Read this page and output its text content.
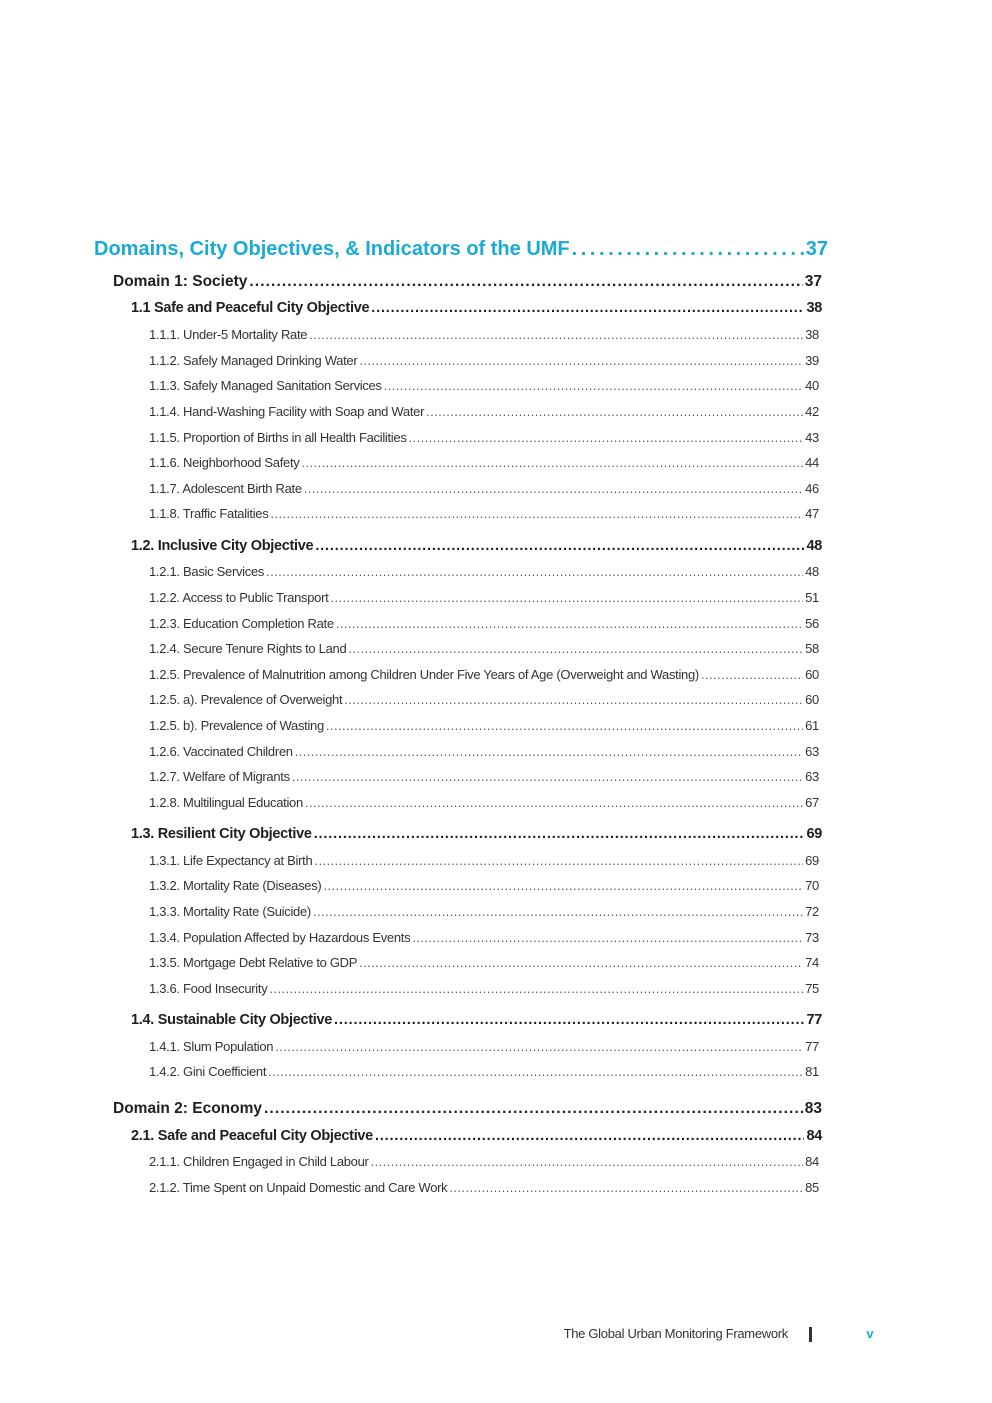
Domains, City Objectives, & Indicators of the UMF . . .	37
Domain 1: Society . . .	37
1.1 Safe and Peaceful City Objective . . .	38
1.1.1. Under-5 Mortality Rate . . .	38
1.1.2. Safely Managed Drinking Water . . .	39
1.1.3. Safely Managed Sanitation Services . . .	40
1.1.4. Hand-Washing Facility with Soap and Water . . .	42
1.1.5. Proportion of Births in all Health Facilities . . .	43
1.1.6. Neighborhood Safety . . .	44
1.1.7. Adolescent Birth Rate . . .	46
1.1.8. Traffic Fatalities . . .	47
1.2. Inclusive City Objective . . .	48
1.2.1. Basic Services . . .	48
1.2.2. Access to Public Transport . . .	51
1.2.3. Education Completion Rate . . .	56
1.2.4. Secure Tenure Rights to Land . . .	58
1.2.5. Prevalence of Malnutrition among Children Under Five Years of Age (Overweight and Wasting) . . .	60
1.2.5. a). Prevalence of Overweight . . .	60
1.2.5. b). Prevalence of Wasting . . .	61
1.2.6. Vaccinated Children . . .	63
1.2.7. Welfare of Migrants . . .	63
1.2.8. Multilingual Education . . .	67
1.3. Resilient City Objective . . .	69
1.3.1. Life Expectancy at Birth . . .	69
1.3.2. Mortality Rate (Diseases) . . .	70
1.3.3. Mortality Rate (Suicide) . . .	72
1.3.4. Population Affected by Hazardous Events . . .	73
1.3.5. Mortgage Debt Relative to GDP . . .	74
1.3.6. Food Insecurity . . .	75
1.4. Sustainable City Objective . . .	77
1.4.1. Slum Population . . .	77
1.4.2. Gini Coefficient . . .	81
Domain 2: Economy . . .	83
2.1. Safe and Peaceful City Objective . . .	84
2.1.1. Children Engaged in Child Labour . . .	84
2.1.2. Time Spent on Unpaid Domestic and Care Work . . .	85
The Global Urban Monitoring Framework	v
